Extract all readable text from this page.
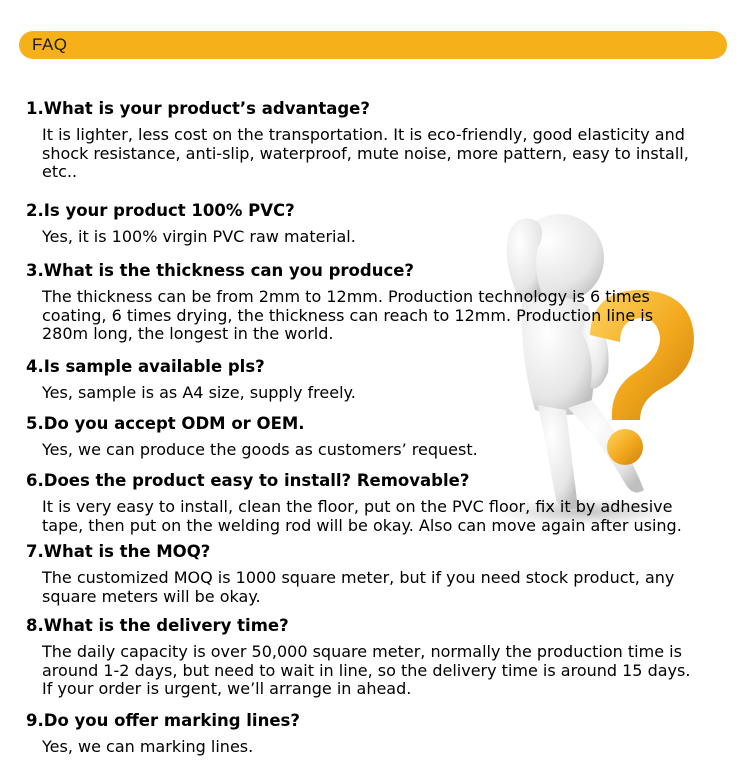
FAQ
1.What is your product’s advantage?
It is lighter, less cost on the transportation. It is eco-friendly, good elasticity and
shock resistance, anti-slip, waterproof, mute noise, more pattern, easy to install,
etc..
2.Is your product 100% PVC?
Yes, it is 100% virgin PVC raw material.
3.What is the thickness can you produce?
The thickness can be from 2mm to 12mm. Production technology is 6 times
coating, 6 times drying, the thickness can reach to 12mm. Production line is
280m long, the longest in the world.
4.Is sample available pls?
Yes, sample is as A4 size, supply freely.
5.Do you accept ODM or OEM.
Yes, we can produce the goods as customers’ request.
6.Does the product easy to install? Removable?
It is very easy to install, clean the floor, put on the PVC floor, fix it by adhesive
tape, then put on the welding rod will be okay. Also can move again after using.
7.What is the MOQ?
The customized MOQ is 1000 square meter, but if you need stock product, any
square meters will be okay.
8.What is the delivery time?
The daily capacity is over 50,000 square meter, normally the production time is
around 1-2 days, but need to wait in line, so the delivery time is around 15 days.
If your order is urgent, we’ll arrange in ahead.
9.Do you offer marking lines?
Yes, we can marking lines.
